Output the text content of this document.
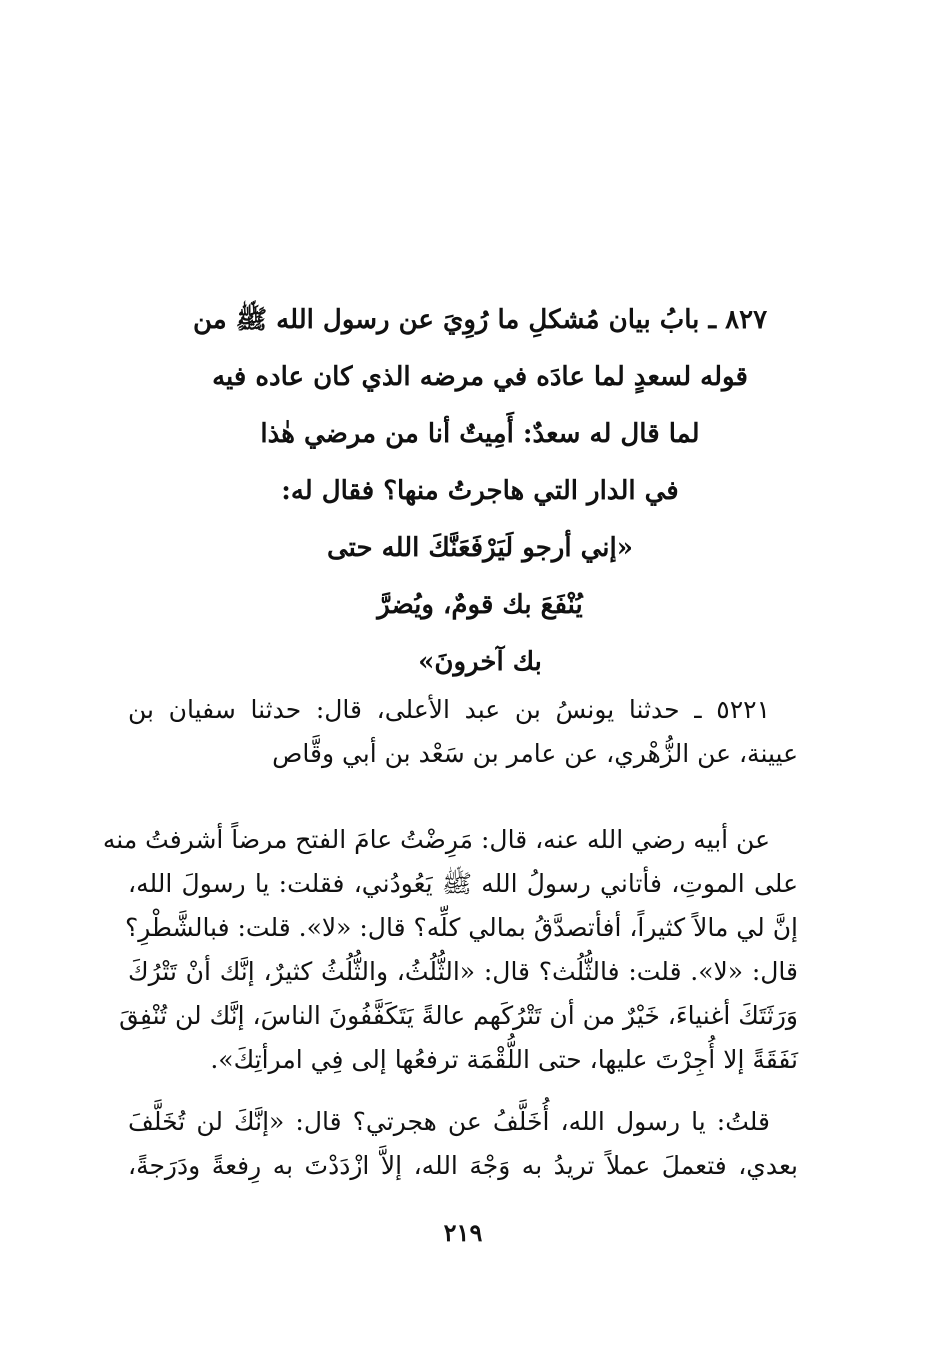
٨٢٧ ـ بابُ بيان مُشكلِ ما رُوِيَ عن رسول الله ﷺ من
قوله لسعدٍ لما عادَه في مرضه الذي كان عاده فيه
لما قال له سعدٌ: أَمِيتٌ أنا من مرضي هٰذا
في الدار التي هاجرتُ منها؟ فقال له:
«إني أرجو لَيَرْفَعَنَّكَ الله حتى
يُنْفَعَ بك قومٌ، ويُضرَّ
بك آخرونَ»
٥٢٢١ ـ حدثنا يونسُ بن عبد الأعلى، قال: حدثنا سفيان بن
عيينة، عن الزُّهْري، عن عامر بن سَعْد بن أبي وقَّاص
عن أبيه رضي الله عنه، قال: مَرِضْتُ عامَ الفتح مرضاً أشرفتُ منه
على الموتِ، فأتاني رسولُ الله ﷺ يَعُودُني، فقلت: يا رسولَ الله،
إنَّ لي مالاً كثيراً، أفأتصدَّقُ بمالي كلِّه؟ قال: «لا». قلت: فبالشَّطْرِ؟
قال: «لا». قلت: فالثُّلُث؟ قال: «الثُّلُثُ، والثُّلُثُ كثيرٌ، إنَّك أنْ تَتْرُكَ
وَرَثَتَكَ أغنياءَ، خَيْرٌ من أن تَتْرُكَهم عالةً يَتَكَفَّفُونَ الناسَ، إنَّك لن تُنْفِقَ
نَفَقَةً إلا أُجِرْتَ عليها، حتى اللُّقْمَة ترفعُها إلى فِي امرأتِكَ».
قلتُ: يا رسول الله، أُخَلَّفُ عن هجرتي؟ قال: «إنَّكَ لن تُخَلَّفَ
بعدي، فتعملَ عملاً تريدُ به وَجْهَ الله، إلاَّ ازْدَدْتَ به رِفعةً ودَرَجةً،
٢١٩
